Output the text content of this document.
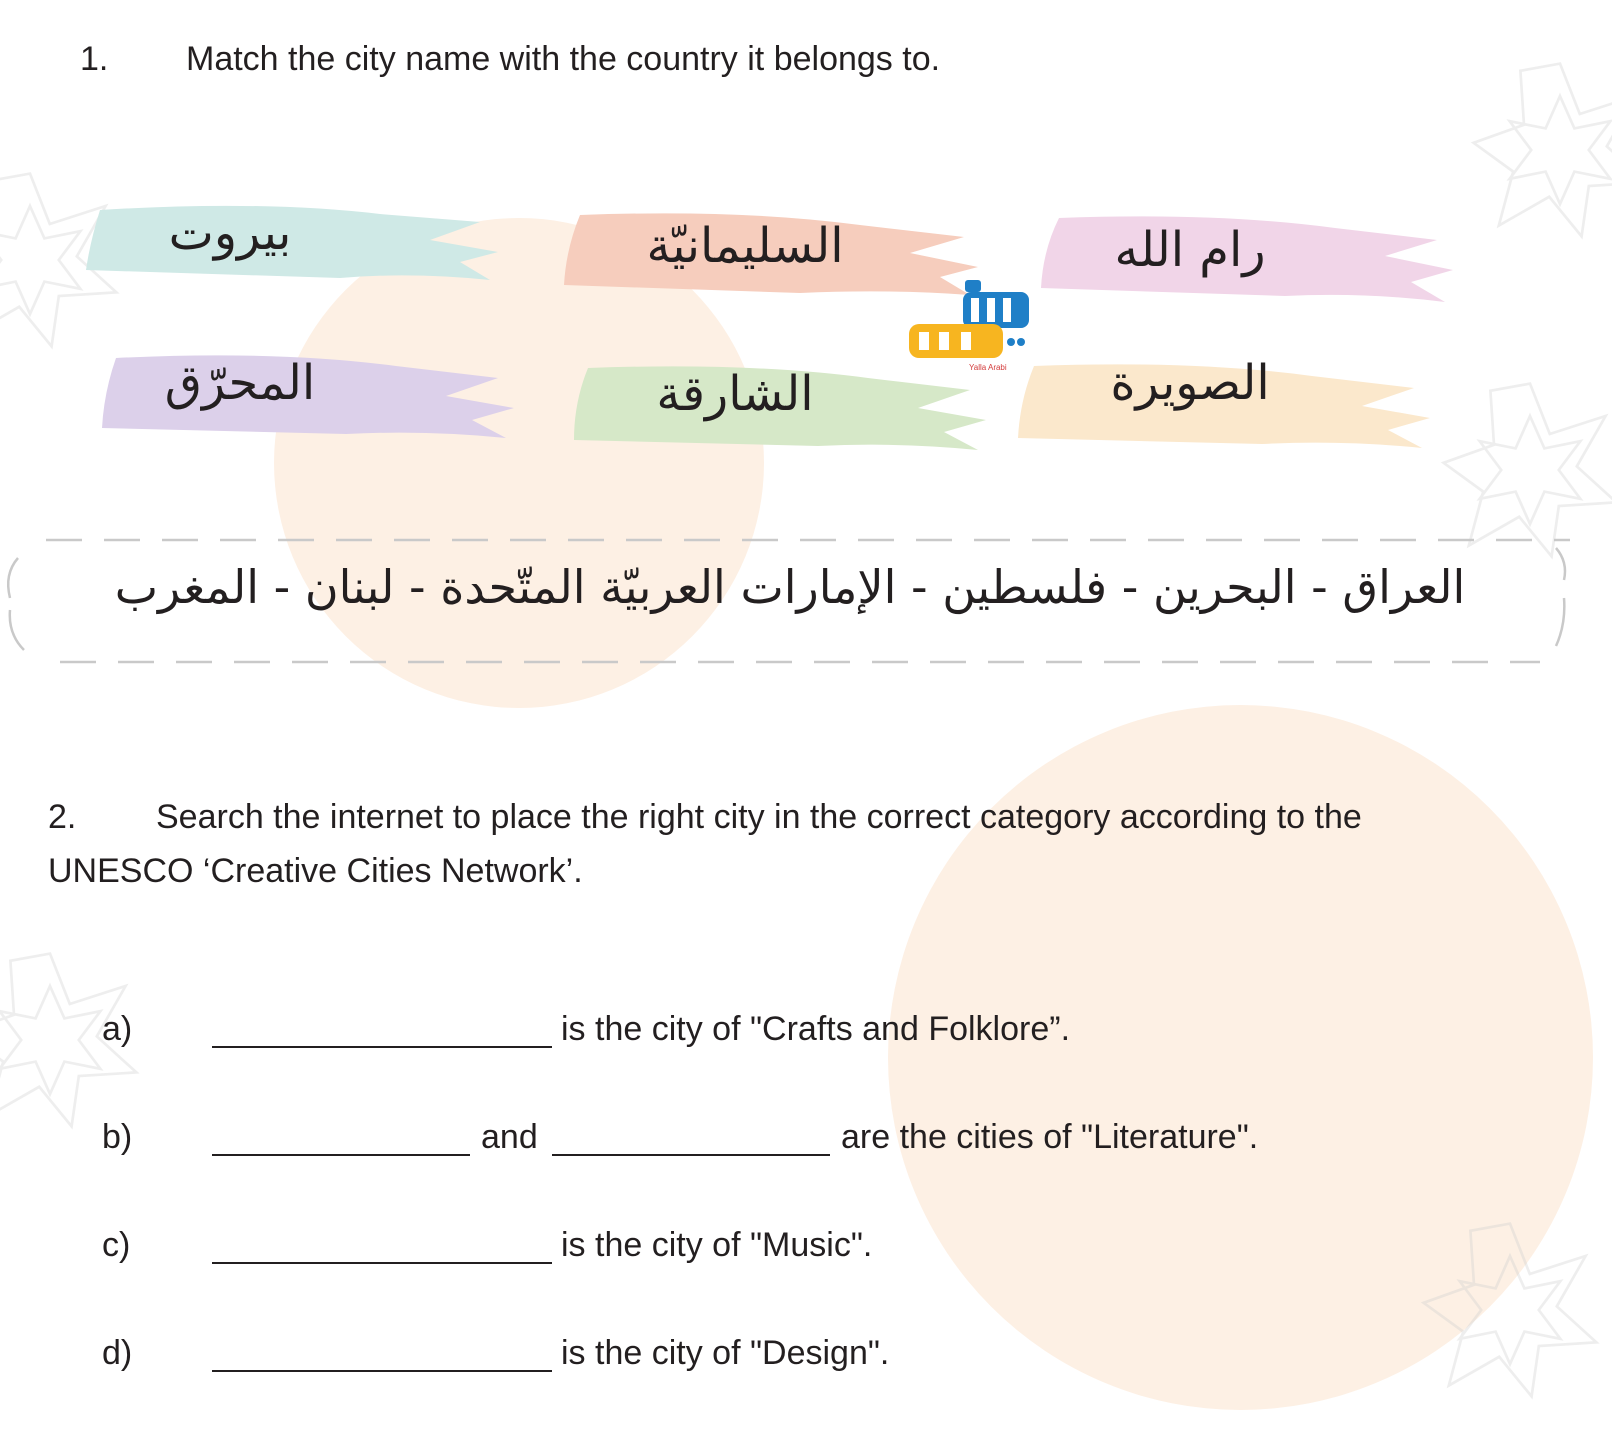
1. Match the city name with the country it belongs to.
بيروت	السليمانيّة	رام الله
المحرّق	الشارقة	الصويرة
Yalla Arabi
العراق - البحرين - فلسطين - الإمارات العربيّة المتّحدة - لبنان - المغرب
2. Search the internet to place the right city in the correct category according to the
UNESCO ‘Creative Cities Network’.
a)	is the city of "Crafts and Folklore”.
b)	and	are the cities of "Literature".
c)	is the city of "Music".
d)	is the city of "Design".
